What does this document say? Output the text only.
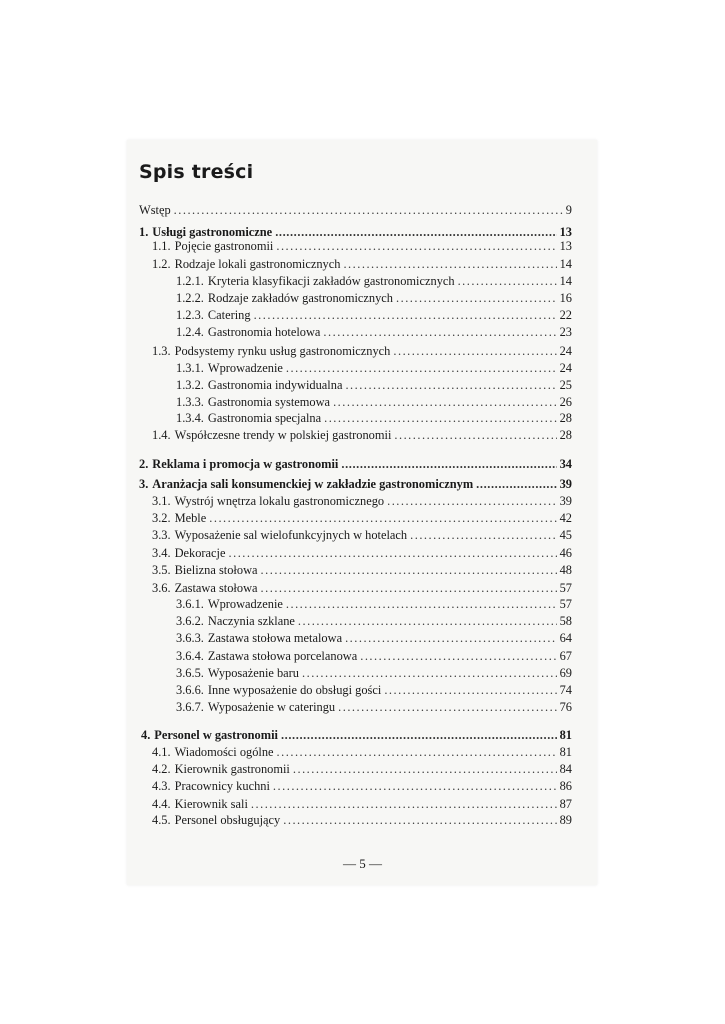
Spis treści
Wstęp .....	9
1. Usługi gastronomiczne .....	13
1.1. Pojęcie gastronomii .....	13
1.2. Rodzaje lokali gastronomicznych .....	14
1.2.1. Kryteria klasyfikacji zakładów gastronomicznych .....	14
1.2.2. Rodzaje zakładów gastronomicznych .....	16
1.2.3. Catering .....	22
1.2.4. Gastronomia hotelowa .....	23
1.3. Podsystemy rynku usług gastronomicznych .....	24
1.3.1. Wprowadzenie .....	24
1.3.2. Gastronomia indywidualna .....	25
1.3.3. Gastronomia systemowa .....	26
1.3.4. Gastronomia specjalna .....	28
1.4. Współczesne trendy w polskiej gastronomii .....	28
2. Reklama i promocja w gastronomii .....	34
3. Aranżacja sali konsumenckiej w zakładzie gastronomicznym .....	39
3.1. Wystrój wnętrza lokalu gastronomicznego .....	39
3.2. Meble .....	42
3.3. Wyposażenie sal wielofunkcyjnych w hotelach .....	45
3.4. Dekoracje .....	46
3.5. Bielizna stołowa .....	48
3.6. Zastawa stołowa .....	57
3.6.1. Wprowadzenie .....	57
3.6.2. Naczynia szklane .....	58
3.6.3. Zastawa stołowa metalowa .....	64
3.6.4. Zastawa stołowa porcelanowa .....	67
3.6.5. Wyposażenie baru .....	69
3.6.6. Inne wyposażenie do obsługi gości .....	74
3.6.7. Wyposażenie w cateringu .....	76
4. Personel w gastronomii .....	81
4.1. Wiadomości ogólne .....	81
4.2. Kierownik gastronomii .....	84
4.3. Pracownicy kuchni .....	86
4.4. Kierownik sali .....	87
4.5. Personel obsługujący .....	89
— 5 —
